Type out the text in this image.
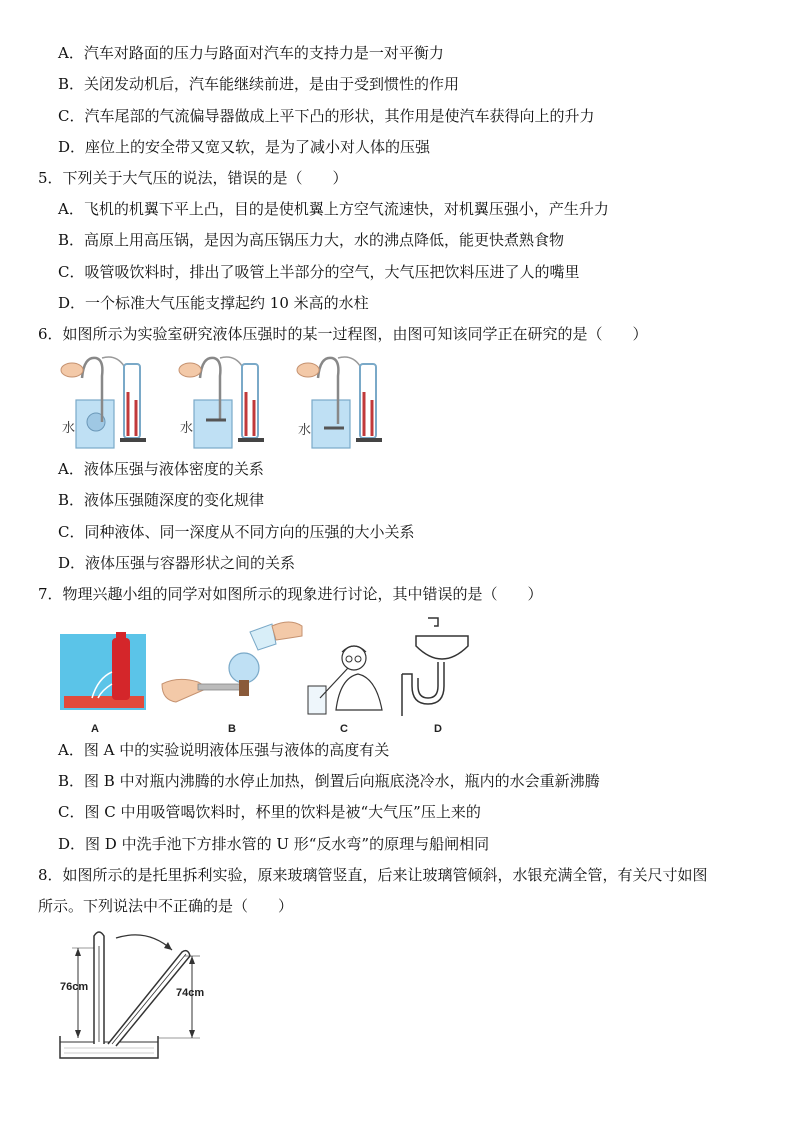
A．汽车对路面的压力与路面对汽车的支持力是一对平衡力
B．关闭发动机后，汽车能继续前进，是由于受到惯性的作用
C．汽车尾部的气流偏导器做成上平下凸的形状，其作用是使汽车获得向上的升力
D．座位上的安全带又宽又软，是为了减小对人体的压强
5．下列关于大气压的说法，错误的是（　　）
A．飞机的机翼下平上凸，目的是使机翼上方空气流速快，对机翼压强小，产生升力
B．高原上用高压锅，是因为高压锅压力大，水的沸点降低，能更快煮熟食物
C．吸管吸饮料时，排出了吸管上半部分的空气，大气压把饮料压进了人的嘴里
D．一个标准大气压能支撑起约 10 米高的水柱
6．如图所示为实验室研究液体压强时的某一过程图，由图可知该同学正在研究的是（　　）
水	水	水
A．液体压强与液体密度的关系
B．液体压强随深度的变化规律
C．同种液体、同一深度从不同方向的压强的大小关系
D．液体压强与容器形状之间的关系
7．物理兴趣小组的同学对如图所示的现象进行讨论，其中错误的是（　　）
A	B	C	D
A．图 A 中的实验说明液体压强与液体的高度有关
B．图 B 中对瓶内沸腾的水停止加热，倒置后向瓶底浇冷水，瓶内的水会重新沸腾
C．图 C 中用吸管喝饮料时，杯里的饮料是被“大气压”压上来的
D．图 D 中洗手池下方排水管的 U 形“反水弯”的原理与船闸相同
8．如图所示的是托里拆利实验，原来玻璃管竖直，后来让玻璃管倾斜，水银充满全管，有关尺寸如图
所示。下列说法中不正确的是（　　）
76cm	74cm
